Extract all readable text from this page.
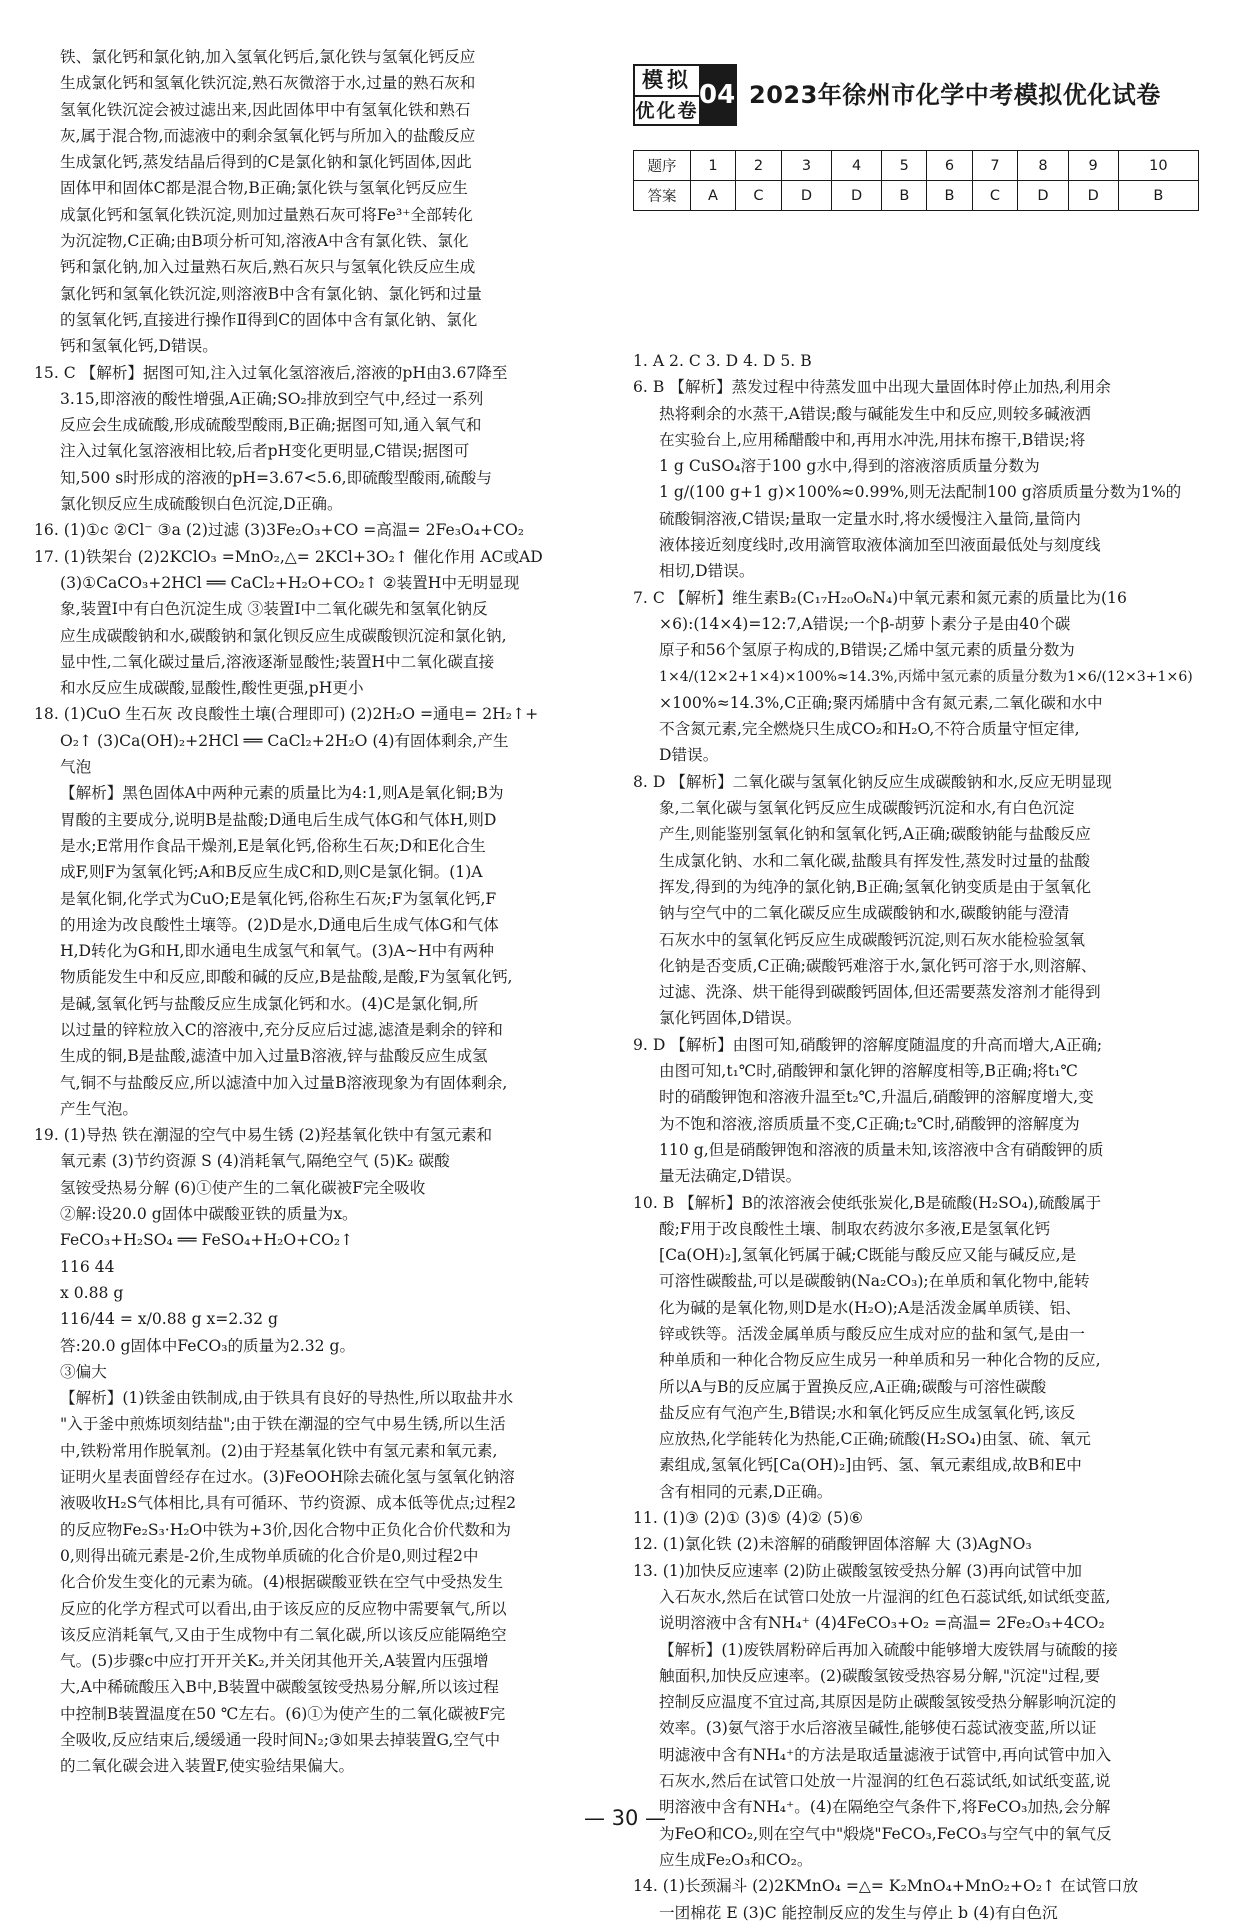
铁、氯化钙和氯化钠,加入氢氧化钙后,氯化铁与氢氧化钙反应
生成氯化钙和氢氧化铁沉淀,熟石灰微溶于水,过量的熟石灰和
氢氧化铁沉淀会被过滤出来,因此固体甲中有氢氧化铁和熟石
灰,属于混合物,而滤液中的剩余氢氧化钙与所加入的盐酸反应
生成氯化钙,蒸发结晶后得到的C是氯化钠和氯化钙固体,因此
固体甲和固体C都是混合物,B正确;氯化铁与氢氧化钙反应生
成氯化钙和氢氧化铁沉淀,则加过量熟石灰可将Fe³⁺全部转化
为沉淀物,C正确;由B项分析可知,溶液A中含有氯化铁、氯化
钙和氯化钠,加入过量熟石灰后,熟石灰只与氢氧化铁反应生成
氯化钙和氢氧化铁沉淀,则溶液B中含有氯化钠、氯化钙和过量
的氢氧化钙,直接进行操作Ⅱ得到C的固体中含有氯化钠、氯化
钙和氢氧化钙,D错误。
15. C 【解析】据图可知,注入过氧化氢溶液后,溶液的pH由3.67降至
3.15,即溶液的酸性增强,A正确;SO₂排放到空气中,经过一系列
反应会生成硫酸,形成硫酸型酸雨,B正确;据图可知,通入氧气和
注入过氧化氢溶液相比较,后者pH变化更明显,C错误;据图可
知,500 s时形成的溶液的pH=3.67<5.6,即硫酸型酸雨,硫酸与
氯化钡反应生成硫酸钡白色沉淀,D正确。
16. (1)①c ②Cl⁻ ③a (2)过滤 (3)3Fe₂O₃+CO =高温= 2Fe₃O₄+CO₂
17. (1)铁架台 (2)2KClO₃ =MnO₂,△= 2KCl+3O₂↑ 催化作用 AC或AD
(3)①CaCO₃+2HCl ══ CaCl₂+H₂O+CO₂↑ ②装置H中无明显现
象,装置I中有白色沉淀生成 ③装置I中二氧化碳先和氢氧化钠反
应生成碳酸钠和水,碳酸钠和氯化钡反应生成碳酸钡沉淀和氯化钠,
显中性,二氧化碳过量后,溶液逐渐显酸性;装置H中二氧化碳直接
和水反应生成碳酸,显酸性,酸性更强,pH更小
18. (1)CuO 生石灰 改良酸性土壤(合理即可) (2)2H₂O =通电= 2H₂↑+
O₂↑ (3)Ca(OH)₂+2HCl ══ CaCl₂+2H₂O (4)有固体剩余,产生
气泡
【解析】黑色固体A中两种元素的质量比为4:1,则A是氧化铜;B为
胃酸的主要成分,说明B是盐酸;D通电后生成气体G和气体H,则D
是水;E常用作食品干燥剂,E是氧化钙,俗称生石灰;D和E化合生
成F,则F为氢氧化钙;A和B反应生成C和D,则C是氯化铜。(1)A
是氧化铜,化学式为CuO;E是氧化钙,俗称生石灰;F为氢氧化钙,F
的用途为改良酸性土壤等。(2)D是水,D通电后生成气体G和气体
H,D转化为G和H,即水通电生成氢气和氧气。(3)A~H中有两种
物质能发生中和反应,即酸和碱的反应,B是盐酸,是酸,F为氢氧化钙,
是碱,氢氧化钙与盐酸反应生成氯化钙和水。(4)C是氯化铜,所
以过量的锌粒放入C的溶液中,充分反应后过滤,滤渣是剩余的锌和
生成的铜,B是盐酸,滤渣中加入过量B溶液,锌与盐酸反应生成氢
气,铜不与盐酸反应,所以滤渣中加入过量B溶液现象为有固体剩余,
产生气泡。
19. (1)导热 铁在潮湿的空气中易生锈 (2)羟基氧化铁中有氢元素和
氧元素 (3)节约资源 S (4)消耗氧气,隔绝空气 (5)K₂ 碳酸
氢铵受热易分解 (6)①使产生的二氧化碳被F完全吸收
②解:设20.0 g固体中碳酸亚铁的质量为x。
FeCO₃+H₂SO₄ ══ FeSO₄+H₂O+CO₂↑
116 44
x 0.88 g
116/44 = x/0.88 g x=2.32 g
答:20.0 g固体中FeCO₃的质量为2.32 g。
③偏大
【解析】(1)铁釜由铁制成,由于铁具有良好的导热性,所以取盐井水
"入于釜中煎炼顷刻结盐";由于铁在潮湿的空气中易生锈,所以生活
中,铁粉常用作脱氧剂。(2)由于羟基氧化铁中有氢元素和氧元素,
证明火星表面曾经存在过水。(3)FeOOH除去硫化氢与氢氧化钠溶
液吸收H₂S气体相比,具有可循环、节约资源、成本低等优点;过程2
的反应物Fe₂S₃·H₂O中铁为+3价,因化合物中正负化合价代数和为
0,则得出硫元素是-2价,生成物单质硫的化合价是0,则过程2中
化合价发生变化的元素为硫。(4)根据碳酸亚铁在空气中受热发生
反应的化学方程式可以看出,由于该反应的反应物中需要氧气,所以
该反应消耗氧气,又由于生成物中有二氧化碳,所以该反应能隔绝空
气。(5)步骤c中应打开开关K₂,并关闭其他开关,A装置内压强增
大,A中稀硫酸压入B中,B装置中碳酸氢铵受热易分解,所以该过程
中控制B装置温度在50 ℃左右。(6)①为使产生的二氧化碳被F完
全吸收,反应结束后,缓缓通一段时间N₂;③如果去掉装置G,空气中
的二氧化碳会进入装置F,使实验结果偏大。
模拟
优化卷
04 2023年徐州市化学中考模拟优化试卷
题序	1	2	3	4	5	6	7	8	9	10
答案	A	C	D	D	B	B	C	D	D	B
1. A 2. C 3. D 4. D 5. B
6. B 【解析】蒸发过程中待蒸发皿中出现大量固体时停止加热,利用余
热将剩余的水蒸干,A错误;酸与碱能发生中和反应,则较多碱液洒
在实验台上,应用稀醋酸中和,再用水冲洗,用抹布擦干,B错误;将
1 g CuSO₄溶于100 g水中,得到的溶液溶质质量分数为
1 g/(100 g+1 g)×100%≈0.99%,则无法配制100 g溶质质量分数为1%的
硫酸铜溶液,C错误;量取一定量水时,将水缓慢注入量筒,量筒内
液体接近刻度线时,改用滴管取液体滴加至凹液面最低处与刻度线
相切,D错误。
7. C 【解析】维生素B₂(C₁₇H₂₀O₆N₄)中氧元素和氮元素的质量比为(16
×6):(14×4)=12:7,A错误;一个β-胡萝卜素分子是由40个碳
原子和56个氢原子构成的,B错误;乙烯中氢元素的质量分数为
1×4/(12×2+1×4)×100%≈14.3%,丙烯中氢元素的质量分数为1×6/(12×3+1×6)
×100%≈14.3%,C正确;聚丙烯腈中含有氮元素,二氧化碳和水中
不含氮元素,完全燃烧只生成CO₂和H₂O,不符合质量守恒定律,
D错误。
8. D 【解析】二氧化碳与氢氧化钠反应生成碳酸钠和水,反应无明显现
象,二氧化碳与氢氧化钙反应生成碳酸钙沉淀和水,有白色沉淀
产生,则能鉴别氢氧化钠和氢氧化钙,A正确;碳酸钠能与盐酸反应
生成氯化钠、水和二氧化碳,盐酸具有挥发性,蒸发时过量的盐酸
挥发,得到的为纯净的氯化钠,B正确;氢氧化钠变质是由于氢氧化
钠与空气中的二氧化碳反应生成碳酸钠和水,碳酸钠能与澄清
石灰水中的氢氧化钙反应生成碳酸钙沉淀,则石灰水能检验氢氧
化钠是否变质,C正确;碳酸钙难溶于水,氯化钙可溶于水,则溶解、
过滤、洗涤、烘干能得到碳酸钙固体,但还需要蒸发溶剂才能得到
氯化钙固体,D错误。
9. D 【解析】由图可知,硝酸钾的溶解度随温度的升高而增大,A正确;
由图可知,t₁℃时,硝酸钾和氯化钾的溶解度相等,B正确;将t₁℃
时的硝酸钾饱和溶液升温至t₂℃,升温后,硝酸钾的溶解度增大,变
为不饱和溶液,溶质质量不变,C正确;t₂℃时,硝酸钾的溶解度为
110 g,但是硝酸钾饱和溶液的质量未知,该溶液中含有硝酸钾的质
量无法确定,D错误。
10. B 【解析】B的浓溶液会使纸张炭化,B是硫酸(H₂SO₄),硫酸属于
酸;F用于改良酸性土壤、制取农药波尔多液,E是氢氧化钙
[Ca(OH)₂],氢氧化钙属于碱;C既能与酸反应又能与碱反应,是
可溶性碳酸盐,可以是碳酸钠(Na₂CO₃);在单质和氧化物中,能转
化为碱的是氧化物,则D是水(H₂O);A是活泼金属单质镁、铝、
锌或铁等。活泼金属单质与酸反应生成对应的盐和氢气,是由一
种单质和一种化合物反应生成另一种单质和另一种化合物的反应,
所以A与B的反应属于置换反应,A正确;碳酸与可溶性碳酸
盐反应有气泡产生,B错误;水和氧化钙反应生成氢氧化钙,该反
应放热,化学能转化为热能,C正确;硫酸(H₂SO₄)由氢、硫、氧元
素组成,氢氧化钙[Ca(OH)₂]由钙、氢、氧元素组成,故B和E中
含有相同的元素,D正确。
11. (1)③ (2)① (3)⑤ (4)② (5)⑥
12. (1)氯化铁 (2)未溶解的硝酸钾固体溶解 大 (3)AgNO₃
13. (1)加快反应速率 (2)防止碳酸氢铵受热分解 (3)再向试管中加
入石灰水,然后在试管口处放一片湿润的红色石蕊试纸,如试纸变蓝,
说明溶液中含有NH₄⁺ (4)4FeCO₃+O₂ =高温= 2Fe₂O₃+4CO₂
【解析】(1)废铁屑粉碎后再加入硫酸中能够增大废铁屑与硫酸的接
触面积,加快反应速率。(2)碳酸氢铵受热容易分解,"沉淀"过程,要
控制反应温度不宜过高,其原因是防止碳酸氢铵受热分解影响沉淀的
效率。(3)氨气溶于水后溶液呈碱性,能够使石蕊试液变蓝,所以证
明滤液中含有NH₄⁺的方法是取适量滤液于试管中,再向试管中加入
石灰水,然后在试管口处放一片湿润的红色石蕊试纸,如试纸变蓝,说
明溶液中含有NH₄⁺。(4)在隔绝空气条件下,将FeCO₃加热,会分解
为FeO和CO₂,则在空气中"煅烧"FeCO₃,FeCO₃与空气中的氧气反
应生成Fe₂O₃和CO₂。
14. (1)长颈漏斗 (2)2KMnO₄ =△= K₂MnO₄+MnO₂+O₂↑ 在试管口放
一团棉花 E (3)C 能控制反应的发生与停止 b (4)有白色沉
— 30 —
